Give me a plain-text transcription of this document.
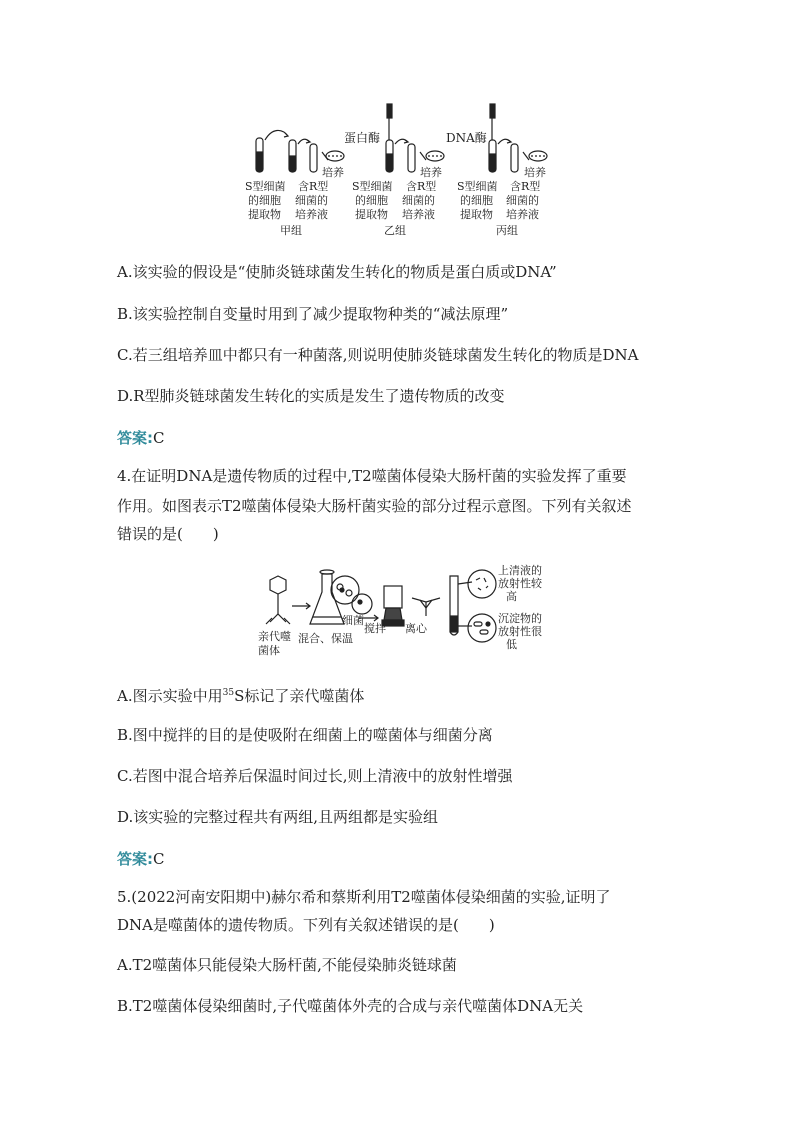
蛋白酶	DNA酶
培养	培养	培养
S型细菌
的细胞
提取物
含R型
细菌的
培养液
甲组
S型细菌
的细胞
提取物
含R型
细菌的
培养液
乙组
S型细菌
的细胞
提取物
含R型
细菌的
培养液
丙组
A.该实验的假设是“使肺炎链球菌发生转化的物质是蛋白质或DNA”
B.该实验控制自变量时用到了减少提取物种类的“减法原理”
C.若三组培养皿中都只有一种菌落,则说明使肺炎链球菌发生转化的物质是DNA
D.R型肺炎链球菌发生转化的实质是发生了遗传物质的改变
答案:C
4.在证明DNA是遗传物质的过程中,T2噬菌体侵染大肠杆菌的实验发挥了重要
作用。如图表示T2噬菌体侵染大肠杆菌实验的部分过程示意图。下列有关叙述
错误的是(　　)
亲代噬
菌体
细菌
混合、保温
搅拌 离心
上清液的
放射性较
高
沉淀物的
放射性很
低
A.图示实验中用$^{35}$S标记了亲代噬菌体
B.图中搅拌的目的是使吸附在细菌上的噬菌体与细菌分离
C.若图中混合培养后保温时间过长,则上清液中的放射性增强
D.该实验的完整过程共有两组,且两组都是实验组
答案:C
5.(2022河南安阳期中)赫尔希和蔡斯利用T2噬菌体侵染细菌的实验,证明了
DNA是噬菌体的遗传物质。下列有关叙述错误的是(　　)
A.T2噬菌体只能侵染大肠杆菌,不能侵染肺炎链球菌
B.T2噬菌体侵染细菌时,子代噬菌体外壳的合成与亲代噬菌体DNA无关
